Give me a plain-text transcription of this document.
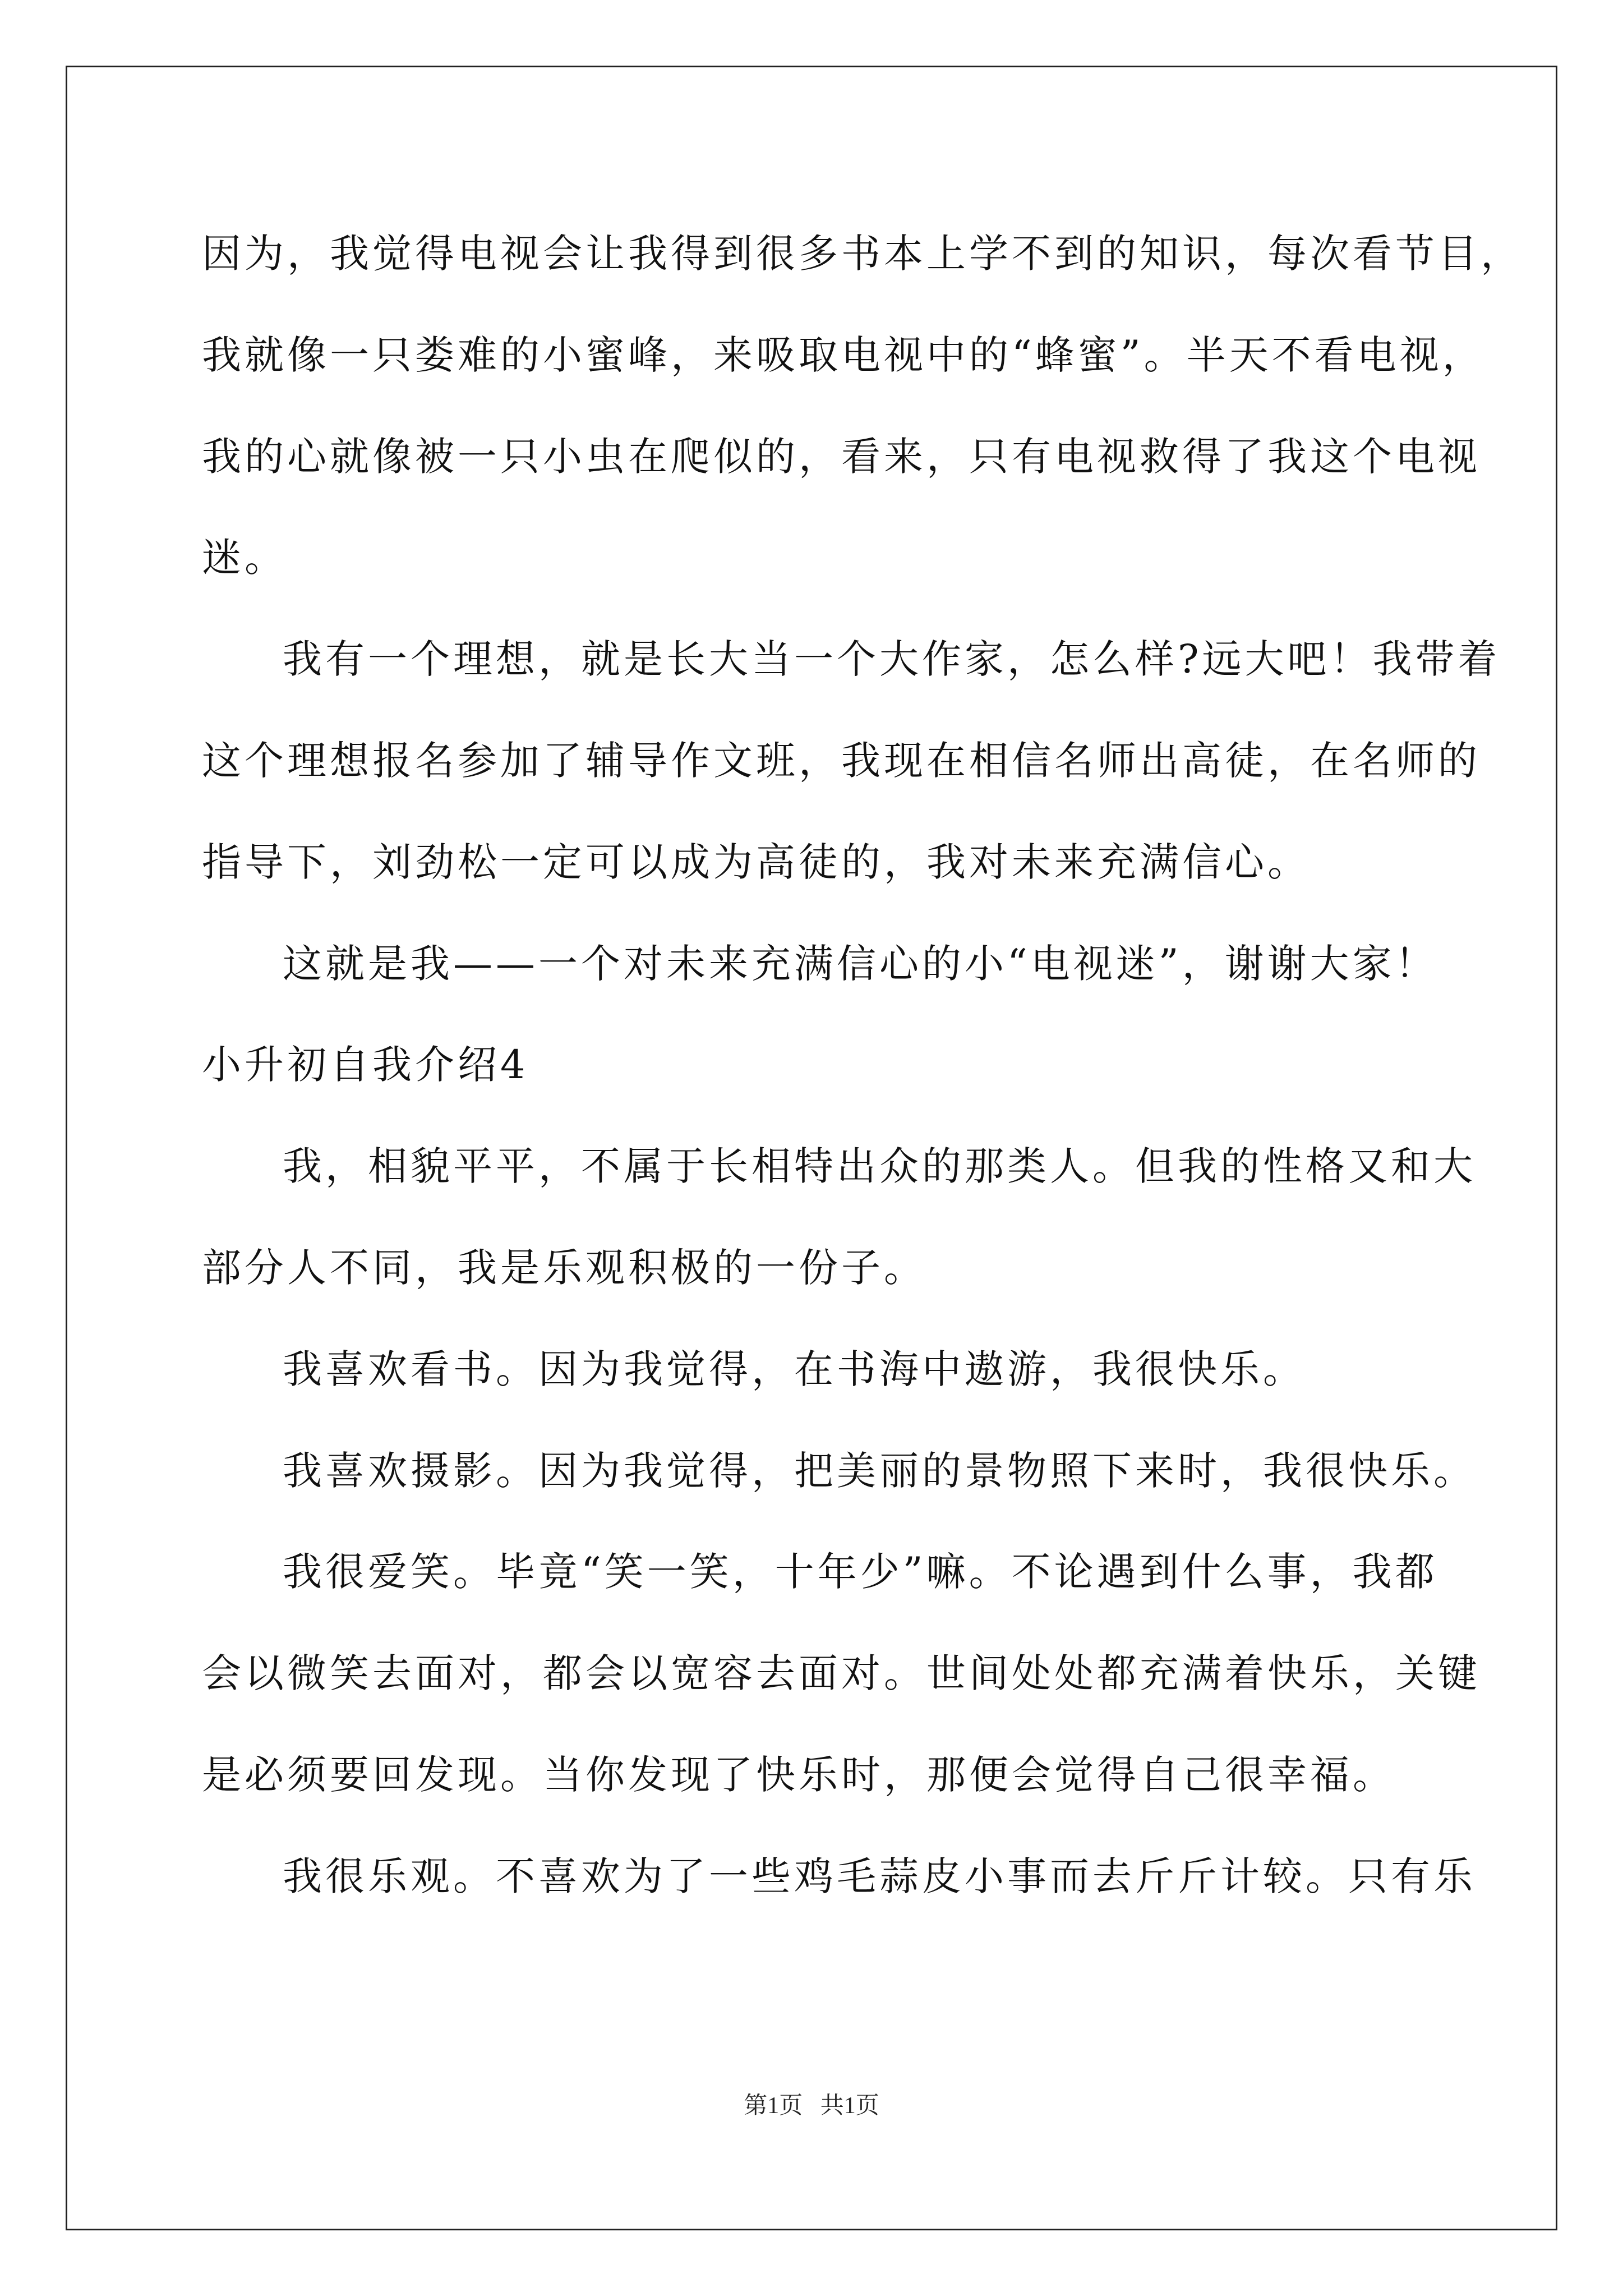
因为，我觉得电视会让我得到很多书本上学不到的知识，每次看节目，
我就像一只娄难的小蜜峰，来吸取电视中的“蜂蜜”。半天不看电视，
我的心就像被一只小虫在爬似的，看来，只有电视救得了我这个电视
迷。
我有一个理想，就是长大当一个大作家，怎么样?远大吧！我带着
这个理想报名参加了辅导作文班，我现在相信名师出高徒，在名师的
指导下，刘劲松一定可以成为高徒的，我对未来充满信心。
这就是我——一个对未来充满信心的小“电视迷”，谢谢大家！
小升初自我介绍4
我，相貌平平，不属于长相特出众的那类人。但我的性格又和大
部分人不同，我是乐观积极的一份子。
我喜欢看书。因为我觉得，在书海中遨游，我很快乐。
我喜欢摄影。因为我觉得，把美丽的景物照下来时，我很快乐。
我很爱笑。毕竟“笑一笑，十年少”嘛。不论遇到什么事，我都
会以微笑去面对，都会以宽容去面对。世间处处都充满着快乐，关键
是必须要回发现。当你发现了快乐时，那便会觉得自己很幸福。
我很乐观。不喜欢为了一些鸡毛蒜皮小事而去斤斤计较。只有乐
第1页   共1页
